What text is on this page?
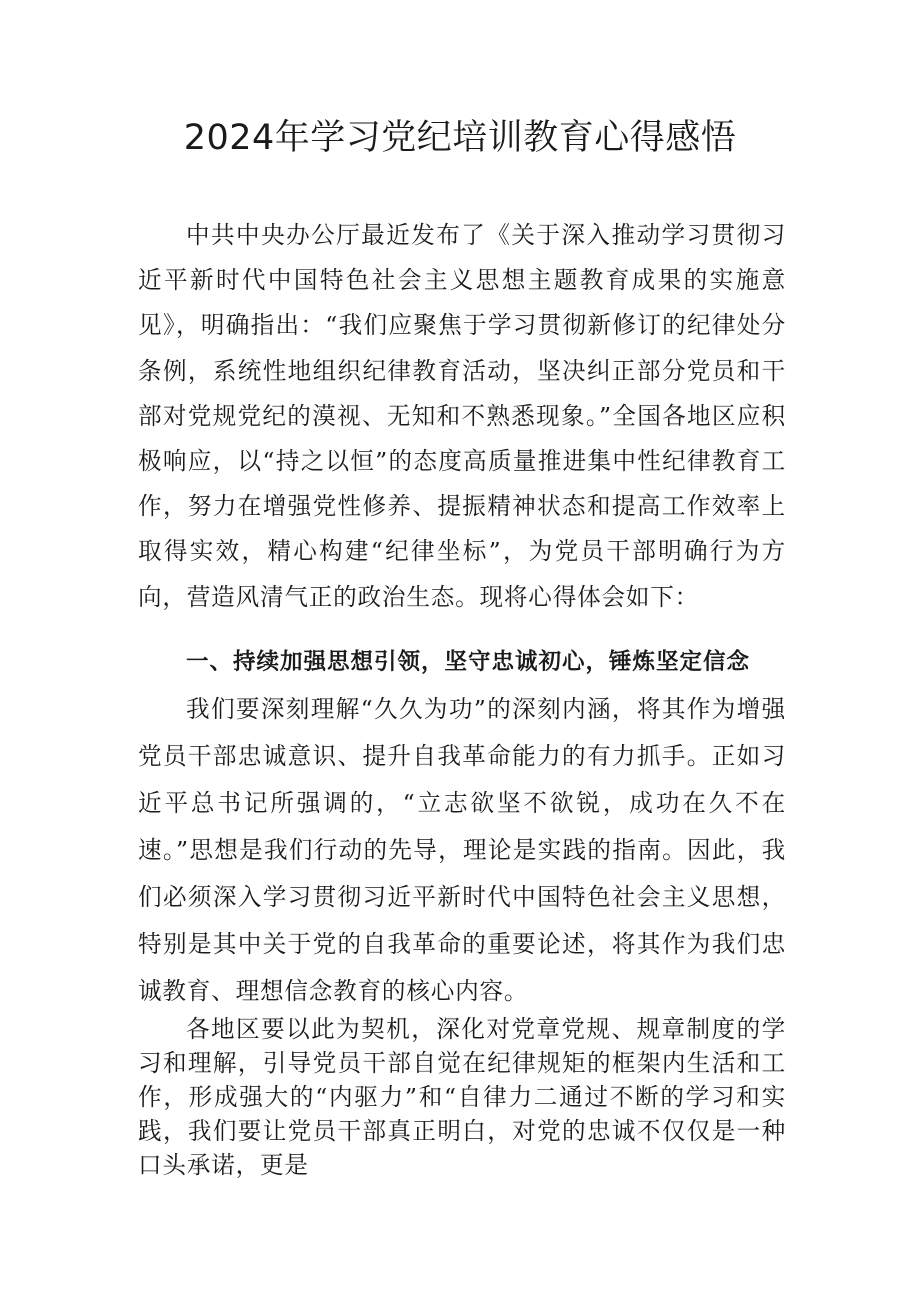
2024年学习党纪培训教育心得感悟

中共中央办公厅最近发布了《关于深入推动学习贯彻习近平新时代中国特色社会主义思想主题教育成果的实施意见》，明确指出：“我们应聚焦于学习贯彻新修订的纪律处分条例，系统性地组织纪律教育活动，坚决纠正部分党员和干部对党规党纪的漠视、无知和不熟悉现象。”全国各地区应积极响应，以“持之以恒”的态度高质量推进集中性纪律教育工作，努力在增强党性修养、提振精神状态和提高工作效率上取得实效，精心构建“纪律坐标”，为党员干部明确行为方向，营造风清气正的政治生态。现将心得体会如下：

一、持续加强思想引领，坚守忠诚初心，锤炼坚定信念

我们要深刻理解“久久为功”的深刻内涵，将其作为增强党员干部忠诚意识、提升自我革命能力的有力抓手。正如习近平总书记所强调的，“立志欲坚不欲锐，成功在久不在速。”思想是我们行动的先导，理论是实践的指南。因此，我们必须深入学习贯彻习近平新时代中国特色社会主义思想，特别是其中关于党的自我革命的重要论述，将其作为我们忠诚教育、理想信念教育的核心内容。

各地区要以此为契机，深化对党章党规、规章制度的学习和理解，引导党员干部自觉在纪律规矩的框架内生活和工作，形成强大的“内驱力”和“自律力二通过不断的学习和实践，我们要让党员干部真正明白，对党的忠诚不仅仅是一种口头承诺，更是
